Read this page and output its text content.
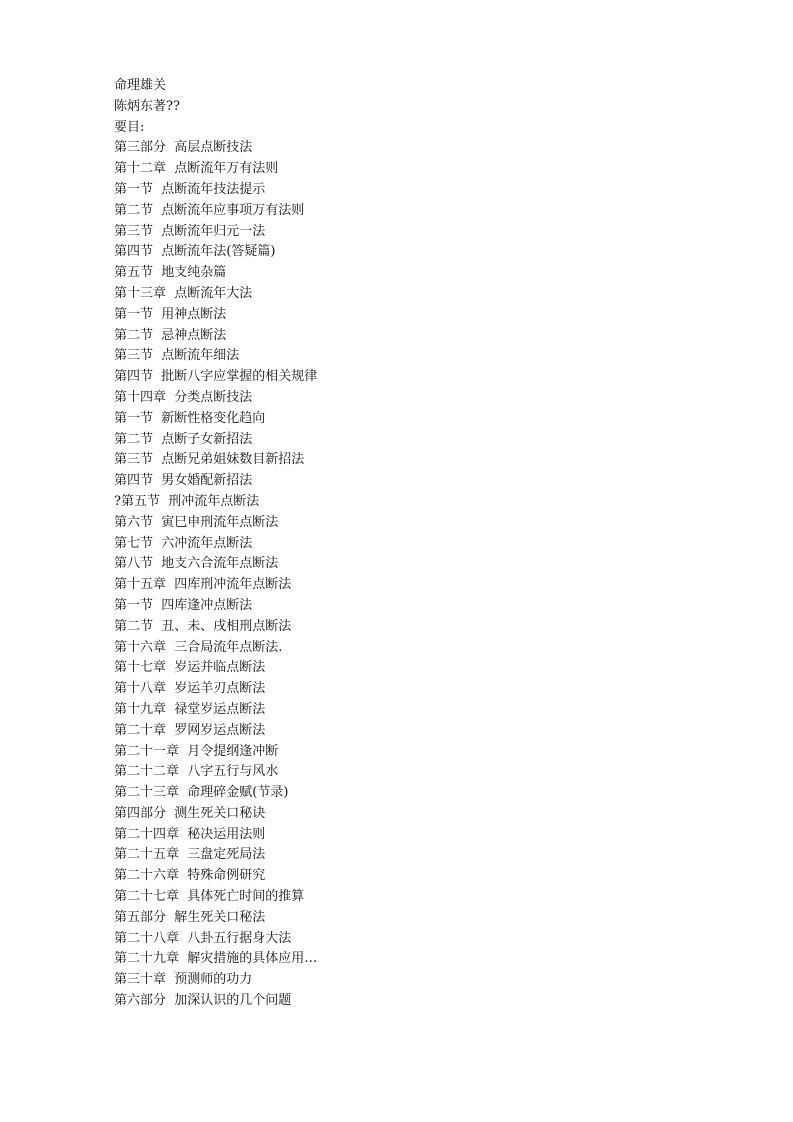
命理雄关
陈炳东著??
要目:
第三部分  高层点断技法
第十二章  点断流年万有法则
第一节  点断流年技法提示
第二节  点断流年应事项万有法则
第三节  点断流年归元一法
第四节  点断流年法(答疑篇)
第五节  地支纯杂篇
第十三章  点断流年大法
第一节  用神点断法
第二节  忌神点断法
第三节  点断流年细法
第四节  批断八字应掌握的相关规律
第十四章  分类点断技法
第一节  新断性格变化趋向
第二节  点断子女新招法
第三节  点断兄弟姐妹数目新招法
第四节  男女婚配新招法
?第五节  刑冲流年点断法
第六节  寅巳申刑流年点断法
第七节  六冲流年点断法
第八节  地支六合流年点断法
第十五章  四库刑冲流年点断法
第一节  四库逢冲点断法
第二节  丑、未、戌相刑点断法
第十六章  三合局流年点断法.
第十七章  岁运并临点断法
第十八章  岁运羊刃点断法
第十九章  禄堂岁运点断法
第二十章  罗网岁运点断法
第二十一章  月令提纲逢冲断
第二十二章  八字五行与风水
第二十三章  命理碎金赋(节录)
第四部分  测生死关口秘诀
第二十四章  秘决运用法则
第二十五章  三盘定死局法
第二十六章  特殊命例研究
第二十七章  具体死亡时间的推算
第五部分  解生死关口秘法
第二十八章  八卦五行据身大法
第二十九章  解灾措施的具体应用…
第三十章  预测师的功力
第六部分  加深认识的几个问题
